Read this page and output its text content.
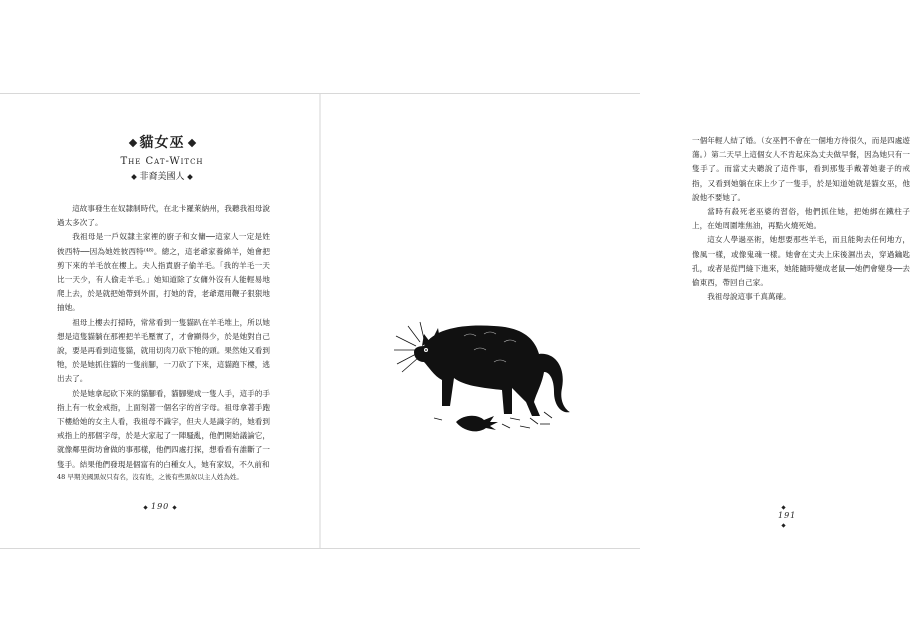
貓女巫
The Cat-Witch
非裔美國人

這故事發生在奴隸制時代，在北卡羅萊納州，我聽我祖母說過太多次了。

我祖母是一戶奴隸主家裡的廚子和女傭──這家人一定是姓彼西特──因為她姓彼西特⁽⁴⁸⁾。總之，這老爺家養綿羊，她會把剪下來的羊毛放在樓上。夫人指責廚子偷羊毛。「我的羊毛一天比一天少，有人偷走羊毛。」她知道除了女傭外沒有人能輕易地爬上去，於是就把她帶到外面，打她的背，老爺還用鞭子狠狠地抽她。

祖母上樓去打掃時，常常看到一隻貓趴在羊毛堆上，所以她想是這隻貓躺在那裡把羊毛壓實了，才會顯得少，於是她對自己說，要是再看到這隻貓，就用切肉刀砍下牠的頭。果然她又看到牠，於是她抓住貓的一隻前腳，一刀砍了下來，這貓跑下樓，逃出去了。

於是她拿起砍下來的貓腳看，貓腳變成一隻人手，這手的手指上有一枚金戒指，上面刻著一個名字的首字母。祖母拿著手跑下樓給她的女主人看，我祖母不識字，但夫人是識字的，她看到戒指上的那個字母，於是大家起了一陣騷亂，他們開始議論它，就像鄰里街坊會做的事那樣，他們四處打探，想看看有誰斷了一隻手。結果他們發現是個富有的白種女人，她有家奴，不久前和

48 早期美國黑奴只有名，沒有姓，之後有些黑奴以主人姓為姓。
190

一個年輕人結了婚。（女巫們不會在一個地方待很久，而是四處遊蕩。）第二天早上這個女人不肯起床為丈夫做早餐，因為她只有一隻手了。而當丈夫聽說了這件事，看到那隻手戴著她妻子的戒指，又看到她躺在床上少了一隻手，於是知道她就是貓女巫，他說他不要她了。

當時有殺死老巫婆的習俗，他們抓住她，把她綁在鐵柱子上，在她周圍堆焦油，再點火燒死她。

這女人學過巫術，她想要那些羊毛，而且能夠去任何地方，像風一樣，或像鬼魂一樣。她會在丈夫上床後濕出去，穿過鑰匙孔，或者是從門縫下進來，她能隨時變成老鼠──她們會變身──去偷東西，帶回自己家。

我祖母說這事千真萬確。

191
